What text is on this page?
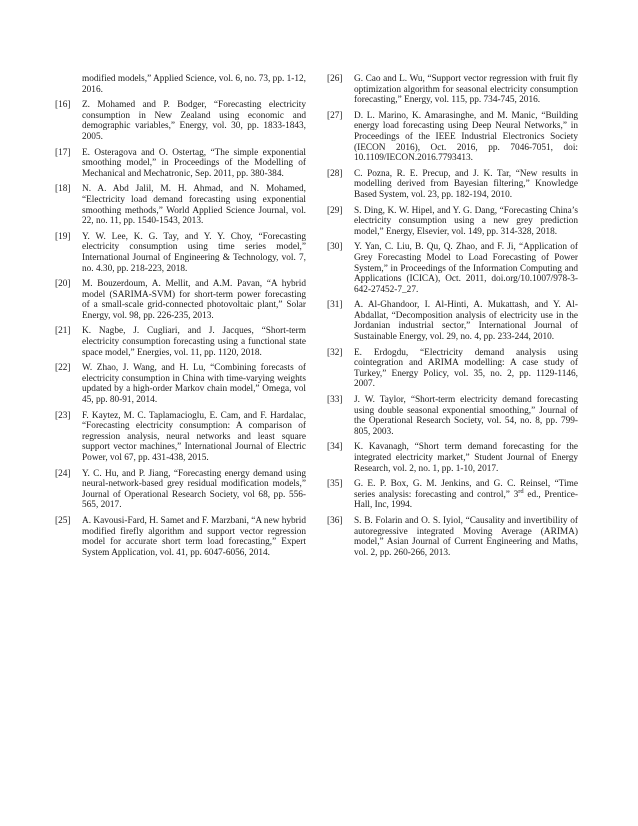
modified models,” Applied Science, vol. 6, no. 73, pp. 1-12, 2016.
[16] Z. Mohamed and P. Bodger, “Forecasting electricity consumption in New Zealand using economic and demographic variables,” Energy, vol. 30, pp. 1833-1843, 2005.
[17] E. Osteragova and O. Ostertag, “The simple exponential smoothing model,” in Proceedings of the Modelling of Mechanical and Mechatronic, Sep. 2011, pp. 380-384.
[18] N. A. Abd Jalil, M. H. Ahmad, and N. Mohamed, “Electricity load demand forecasting using exponential smoothing methods,” World Applied Science Journal, vol. 22, no. 11, pp. 1540-1543, 2013.
[19] Y. W. Lee, K. G. Tay, and Y. Y. Choy, “Forecasting electricity consumption using time series model,” International Journal of Engineering & Technology, vol. 7, no. 4.30, pp. 218-223, 2018.
[20] M. Bouzerdoum, A. Mellit, and A.M. Pavan, “A hybrid model (SARIMA-SVM) for short-term power forecasting of a small-scale grid-connected photovoltaic plant,” Solar Energy, vol. 98, pp. 226-235, 2013.
[21] K. Nagbe, J. Cugliari, and J. Jacques, “Short-term electricity consumption forecasting using a functional state space model,” Energies, vol. 11, pp. 1120, 2018.
[22] W. Zhao, J. Wang, and H. Lu, “Combining forecasts of electricity consumption in China with time-varying weights updated by a high-order Markov chain model,” Omega, vol 45, pp. 80-91, 2014.
[23] F. Kaytez, M. C. Taplamacioglu, E. Cam, and F. Hardalac, “Forecasting electricity consumption: A comparison of regression analysis, neural networks and least square support vector machines,” International Journal of Electric Power, vol 67, pp. 431-438, 2015.
[24] Y. C. Hu, and P. Jiang, “Forecasting energy demand using neural-network-based grey residual modification models,” Journal of Operational Research Society, vol 68, pp. 556-565, 2017.
[25] A. Kavousi-Fard, H. Samet and F. Marzbani, “A new hybrid modified firefly algorithm and support vector regression model for accurate short term load forecasting,” Expert System Application, vol. 41, pp. 6047-6056, 2014.
[26] G. Cao and L. Wu, “Support vector regression with fruit fly optimization algorithm for seasonal electricity consumption forecasting,” Energy, vol. 115, pp. 734-745, 2016.
[27] D. L. Marino, K. Amarasinghe, and M. Manic, “Building energy load forecasting using Deep Neural Networks,” in Proceedings of the IEEE Industrial Electronics Society (IECON 2016), Oct. 2016, pp. 7046-7051, doi: 10.1109/IECON.2016.7793413.
[28] C. Pozna, R. E. Precup, and J. K. Tar, “New results in modelling derived from Bayesian filtering,” Knowledge Based System, vol. 23, pp. 182-194, 2010.
[29] S. Ding, K. W. Hipel, and Y. G. Dang, “Forecasting China’s electricity consumption using a new grey prediction model,” Energy, Elsevier, vol. 149, pp. 314-328, 2018.
[30] Y. Yan, C. Liu, B. Qu, Q. Zhao, and F. Ji, “Application of Grey Forecasting Model to Load Forecasting of Power System,” in Proceedings of the Information Computing and Applications (ICICA), Oct. 2011, doi.org/10.1007/978-3-642-27452-7_27.
[31] A. Al-Ghandoor, I. Al-Hinti, A. Mukattash, and Y. Al-Abdallat, “Decomposition analysis of electricity use in the Jordanian industrial sector,” International Journal of Sustainable Energy, vol. 29, no. 4, pp. 233-244, 2010.
[32] E. Erdogdu, “Electricity demand analysis using cointegration and ARIMA modelling: A case study of Turkey,” Energy Policy, vol. 35, no. 2, pp. 1129-1146, 2007.
[33] J. W. Taylor, “Short-term electricity demand forecasting using double seasonal exponential smoothing,” Journal of the Operational Research Society, vol. 54, no. 8, pp. 799-805, 2003.
[34] K. Kavanagh, “Short term demand forecasting for the integrated electricity market,” Student Journal of Energy Research, vol. 2, no. 1, pp. 1-10, 2017.
[35] G. E. P. Box, G. M. Jenkins, and G. C. Reinsel, “Time series analysis: forecasting and control,” 3rd ed., Prentice-Hall, Inc, 1994.
[36] S. B. Folarin and O. S. Iyiol, “Causality and invertibility of autoregressive integrated Moving Average (ARIMA) model,” Asian Journal of Current Engineering and Maths, vol. 2, pp. 260-266, 2013.
